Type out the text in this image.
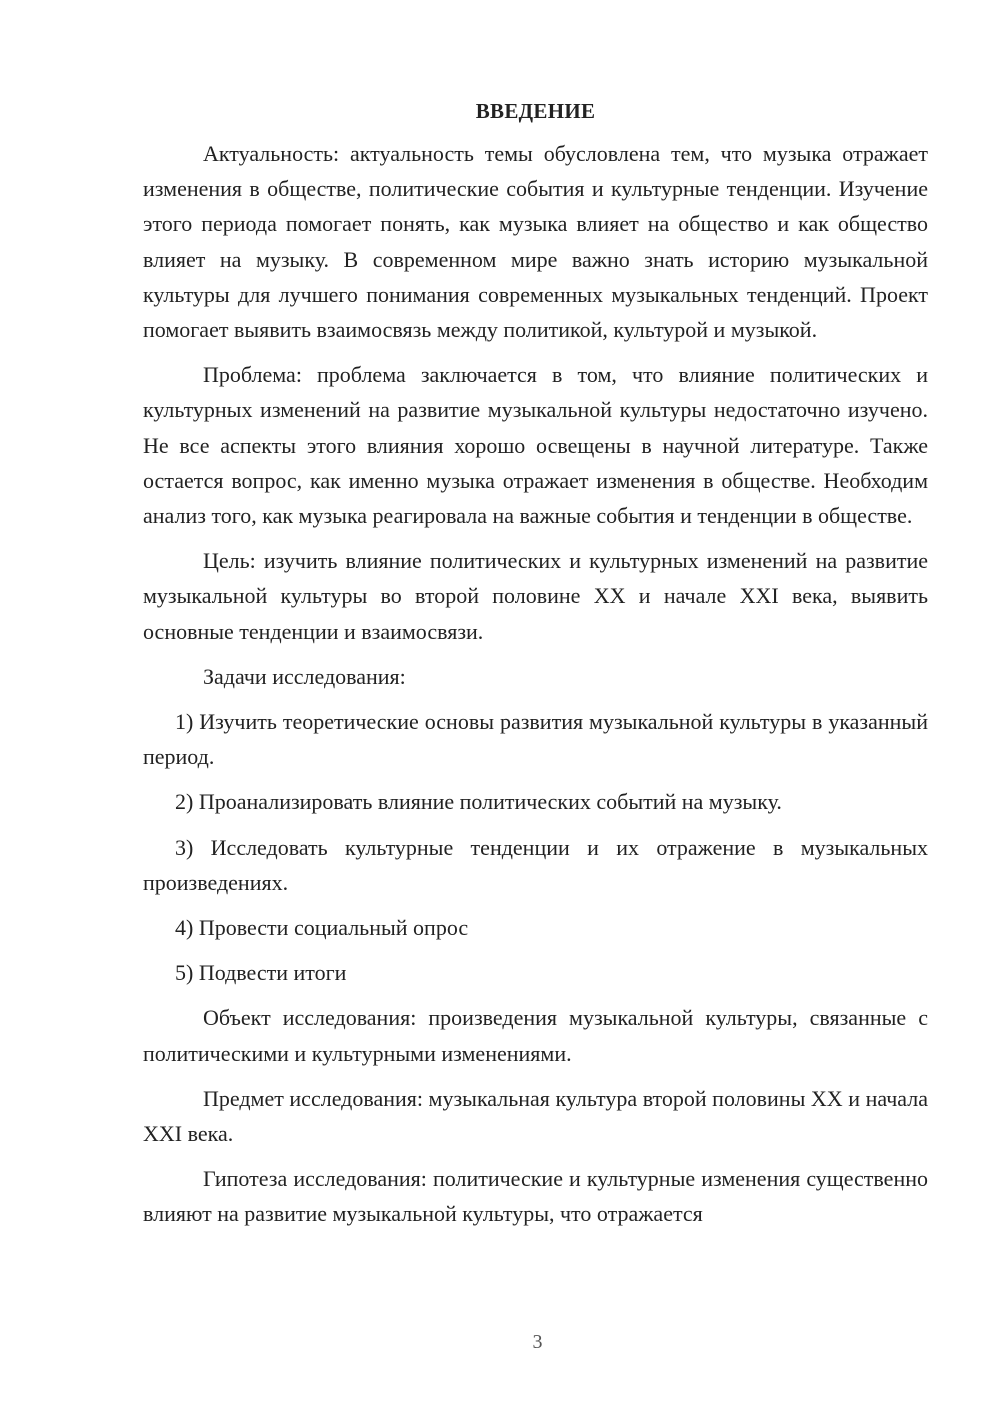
ВВЕДЕНИЕ

Актуальность: актуальность темы обусловлена тем, что музыка отражает изменения в обществе, политические события и культурные тенденции. Изучение этого периода помогает понять, как музыка влияет на общество и как общество влияет на музыку. В современном мире важно знать историю музыкальной культуры для лучшего понимания современных музыкальных тенденций. Проект помогает выявить взаимосвязь между политикой, культурой и музыкой.

Проблема: проблема заключается в том, что влияние политических и культурных изменений на развитие музыкальной культуры недостаточно изучено. Не все аспекты этого влияния хорошо освещены в научной литературе. Также остается вопрос, как именно музыка отражает изменения в обществе. Необходим анализ того, как музыка реагировала на важные события и тенденции в обществе.

Цель: изучить влияние политических и культурных изменений на развитие музыкальной культуры во второй половине XX и начале XXI века, выявить основные тенденции и взаимосвязи.

Задачи исследования:

1) Изучить теоретические основы развития музыкальной культуры в указанный период.

2) Проанализировать влияние политических событий на музыку.

3) Исследовать культурные тенденции и их отражение в музыкальных произведениях.

4) Провести социальный опрос

5) Подвести итоги

Объект исследования: произведения музыкальной культуры, связанные с политическими и культурными изменениями.

Предмет исследования: музыкальная культура второй половины XX и начала XXI века.

Гипотеза исследования: политические и культурные изменения существенно влияют на развитие музыкальной культуры, что отражается

3
